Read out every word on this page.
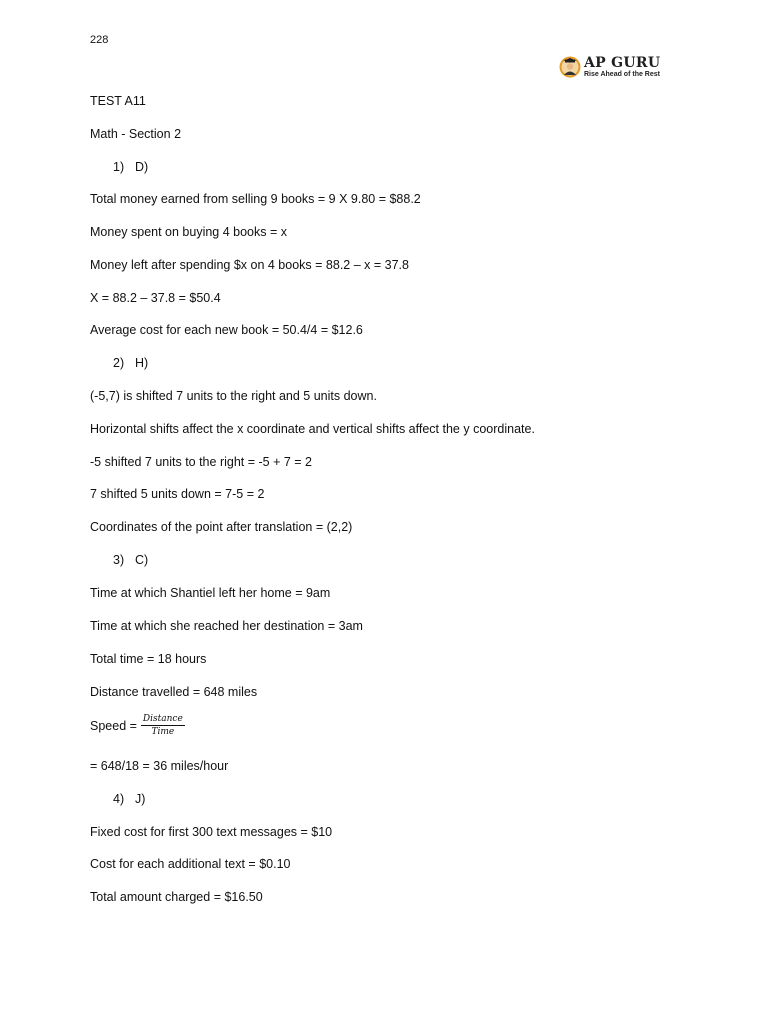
228
AP GURU
Rise Ahead of the Rest
TEST A11
Math - Section 2
1) D)
Total money earned from selling 9 books = 9 X 9.80 = $88.2
Money spent on buying 4 books = x
Money left after spending $x on 4 books = 88.2 – x = 37.8
X = 88.2 – 37.8 = $50.4
Average cost for each new book = 50.4/4 = $12.6
2) H)
(-5,7) is shifted 7 units to the right and 5 units down.
Horizontal shifts affect the x coordinate and vertical shifts affect the y coordinate.
-5 shifted 7 units to the right = -5 + 7 = 2
7 shifted 5 units down = 7-5 = 2
Coordinates of the point after translation = (2,2)
3) C)
Time at which Shantiel left her home = 9am
Time at which she reached her destination = 3am
Total time = 18 hours
Distance travelled = 648 miles
Speed = $\frac{\text{Distance}}{\text{Time}}$
= 648/18 = 36 miles/hour
4) J)
Fixed cost for first 300 text messages = $10
Cost for each additional text = $0.10
Total amount charged = $16.50
